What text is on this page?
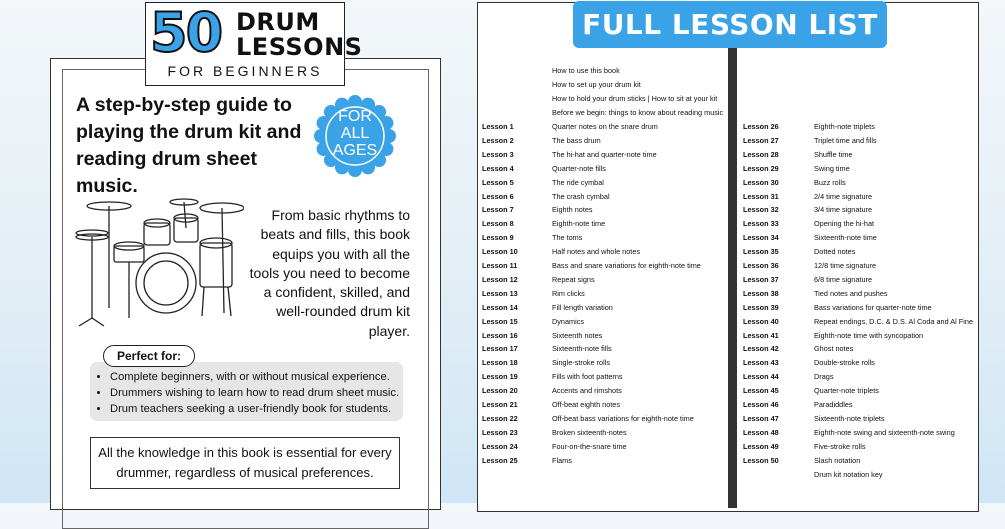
50 DRUM
LESSONS
FOR BEGINNERS
A step-by-step guide to playing the drum kit and reading drum sheet music.
FOR
ALL
AGES
From basic rhythms to beats and fills, this book equips you with all the tools you need to become a confident, skilled, and well-rounded drum kit player.
Perfect for:
• Complete beginners, with or without musical experience.
• Drummers wishing to learn how to read drum sheet music.
• Drum teachers seeking a user-friendly book for students.
All the knowledge in this book is essential for every drummer, regardless of musical preferences.
FULL LESSON LIST
How to use this book
How to set up your drum kit
How to hold your drum sticks | How to sit at your kit
Before we begin: things to know about reading music
Lesson 1	Quarter notes on the snare drum
Lesson 2	The bass drum
Lesson 3	The hi-hat and quarter-note time
Lesson 4	Quarter-note fills
Lesson 5	The ride cymbal
Lesson 6	The crash cymbal
Lesson 7	Eighth notes
Lesson 8	Eighth-note time
Lesson 9	The toms
Lesson 10	Half notes and whole notes
Lesson 11	Bass and snare variations for eighth-note time
Lesson 12	Repeat signs
Lesson 13	Rim clicks
Lesson 14	Fill length variation
Lesson 15	Dynamics
Lesson 16	Sixteenth notes
Lesson 17	Sixteenth-note fills
Lesson 18	Single-stroke rolls
Lesson 19	Fills with foot patterns
Lesson 20	Accents and rimshots
Lesson 21	Off-beat eighth notes
Lesson 22	Off-beat bass variations for eighth-note time
Lesson 23	Broken sixteenth-notes
Lesson 24	Four-on-the-snare time
Lesson 25	Flams
Lesson 26	Eighth-note triplets
Lesson 27	Triplet time and fills
Lesson 28	Shuffle time
Lesson 29	Swing time
Lesson 30	Buzz rolls
Lesson 31	2/4 time signature
Lesson 32	3/4 time signature
Lesson 33	Opening the hi-hat
Lesson 34	Sixteenth-note time
Lesson 35	Dotted notes
Lesson 36	12/8 time signature
Lesson 37	6/8 time signature
Lesson 38	Tied notes and pushes
Lesson 39	Bass variations for quarter-note time
Lesson 40	Repeat endings, D.C. & D.S. Al Coda and Al Fine
Lesson 41	Eighth-note time with syncopation
Lesson 42	Ghost notes
Lesson 43	Double-stroke rolls
Lesson 44	Drags
Lesson 45	Quarter-note triplets
Lesson 46	Paradiddles
Lesson 47	Sixteenth-note triplets
Lesson 48	Eighth-note swing and sixteenth-note swing
Lesson 49	Five-stroke rolls
Lesson 50	Slash notation
Drum kit notation key
